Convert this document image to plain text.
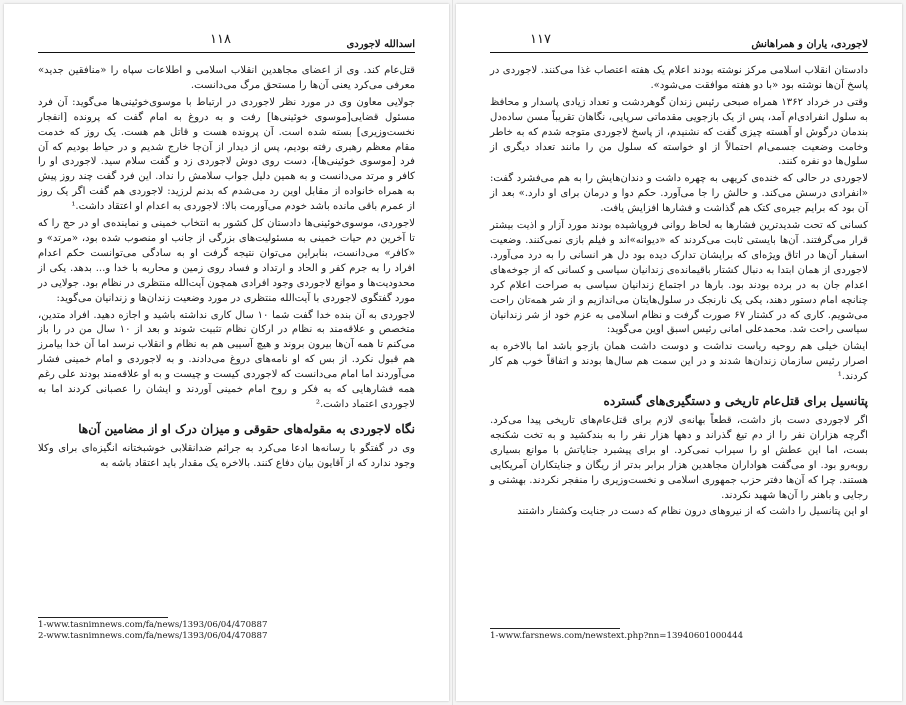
اسدالله لاجوردی
۱۱۸

قتل‌عام کند. وی از اعضای مجاهدین انقلاب اسلامی و اطلاعات سپاه را «منافقین جدید» معرفی می‌کرد یعنی آن‌ها را مستحق مرگ می‌دانست.

جولایی معاون وی در مورد نظر لاجوردی در ارتباط با موسوی‌خوئینی‌ها می‌گوید: آن فرد مسئول قضایی[موسوی خوئینی‌ها] رفت و به دروغ به امام گفت که پرونده [انفجار نخست‌وزیری] بسته شده است. آن پرونده هست و قاتل هم هست. یک روز که خدمت مقام معظم رهبری رفته بودیم، پس از دیدار از آن‌جا خارج شدیم و در حیاط بودیم که آن فرد [موسوی خوئینی‌ها]، دست روی دوش لاجوردی زد و گفت سلام سید. لاجوردی او را کافر و مرتد می‌دانست و به همین دلیل جواب سلامش را نداد. این فرد گفت چند روز پیش به همراه خانواده از مقابل اوین رد می‌شدم که بدنم لرزید: لاجوردی هم گفت اگر یک روز از عمرم باقی مانده باشد خودم می‌آورمت بالا: لاجوردی به اعدام او اعتقاد داشت.¹

لاجوردی، موسوی‌خوئینی‌ها دادستان کل کشور به انتخاب خمینی و نماینده‌ی او در حج را که تا آخرین دم حیات خمینی به مسئولیت‌های بزرگی از جانب او منصوب شده بود، «مرتد» و «کافر» می‌دانست، بنابراین می‌توان نتیجه گرفت او به سادگی می‌توانست حکم اعدام افراد را به جرم کفر و الحاد و ارتداد و فساد روی زمین و محاربه با خدا و... بدهد. یکی از محدودیت‌ها و موانع لاجوردی وجود افرادی همچون آیت‌الله منتظری در نظام بود. جولایی در مورد گفتگوی لاجوردی با آیت‌الله منتظری در مورد وضعیت زندان‌ها و زندانیان می‌گوید:

لاجوردی به آن بنده خدا گفت شما ۱۰ سال کاری نداشته باشید و اجازه دهید. افراد متدین، متخصص و علاقه‌مند به نظام در ارکان نظام تثبیت شوند و بعد از ۱۰ سال من در را باز می‌کنم تا همه آن‌ها بیرون بروند و هیچ آسیبی هم به نظام و انقلاب نرسد اما آن خدا بیامرز هم قبول نکرد. از بس که او نامه‌های دروغ می‌دادند. و به لاجوردی و امام خمینی فشار می‌آوردند اما امام می‌دانست که لاجوردی کیست و چیست و به او علاقه‌مند بودند علی رغم همه فشارهایی که به فکر و روح امام خمینی آوردند و ایشان را عصبانی کردند اما به لاجوردی اعتماد داشت.²

نگاه لاجوردی به مقوله‌های حقوقی و میزان درک او از مضامین آن‌ها

وی در گفتگو با رسانه‌ها ادعا می‌کرد به جرائم ضدانقلابی خوشبختانه انگیزه‌ای برای وکلا وجود ندارد که از آقایون بیان دفاع کنند. بالاخره یک مقدار باید اعتقاد باشه به

1-www.tasnimnews.com/fa/news/1393/06/04/470887
2-www.tasnimnews.com/fa/news/1393/06/04/470887
لاجوردی، یاران و همراهانش
۱۱۷

دادستان انقلاب اسلامی مرکز نوشته بودند اعلام یک هفته اعتصاب غذا می‌کنند. لاجوردی در پاسخ آن‌ها نوشته بود «با دو هفته موافقت می‌شود».

وقتی در خرداد ۱۳۶۲ همراه صبحی رئیس زندان گوهردشت و تعداد زیادی پاسدار و محافظ به سلول انفرادی‌ام آمد، پس از یک بازجویی مقدماتی سرپایی، نگاهان تقریباً مسن ساده‌دل بندمان درگوش او آهسته چیزی گفت که نشنیدم، از پاسخ لاجوردی متوجه شدم که به خاطر وخامت وضعیت جسمی‌ام احتمالاً از او خواسته که سلول من را مانند تعداد دیگری از سلول‌ها دو نفره کنند.

لاجوردی در حالی که خنده‌ی کریهی به چهره داشت و دندان‌هایش را به هم می‌فشرد گفت: «انفرادی درسش می‌کند. و حالش را جا می‌آورد. حکم دوا و درمان برای او دارد.» بعد از آن بود که برایم جیره‌ی کتک هم گذاشت و فشارها افزایش یافت.

کسانی که تحت شدیدترین فشارها به لحاظ روانی فروپاشیده بودند مورد آزار و اذیت بیشتر قرار می‌گرفتند. آن‌ها بایستی ثابت می‌کردند که «دیوانه»اند و فیلم بازی نمی‌کنند. وضعیت اسفبار آن‌ها در اتاق ویژه‌ای که برایشان تدارک دیده بود دل هر انسانی را به درد می‌آورد. لاجوردی از همان ابتدا به دنبال کشتار باقیمانده‌ی زندانیان سیاسی و کسانی که از جوخه‌های اعدام جان به در برده بودند بود. بارها در اجتماع زندانیان سیاسی به صراحت اعلام کرد چنانچه امام دستور دهند، یکی یک نارنجک در سلول‌هایتان می‌اندازیم و از شر همه‌تان راحت می‌شویم. کاری که در کشتار ۶۷ صورت گرفت و نظام اسلامی به عزم خود از شر زندانیان سیاسی راحت شد. محمدعلی امانی رئیس اسبق اوین می‌گوید:

ایشان خیلی هم روحیه ریاست نداشت و دوست داشت همان بازجو باشد اما بالاخره به اصرار رئیس سازمان زندان‌ها شدند و در این سمت هم سال‌ها بودند و اتفاقاً خوب هم کار کردند.¹

پتانسیل برای قتل‌عام تاریخی و دستگیری‌های گسترده

اگر لاجوردی دست باز داشت، قطعاً بهانه‌ی لازم برای قتل‌عام‌های تاریخی پیدا می‌کرد. اگرچه هزاران نفر را از دم تیغ گذراند و دهها هزار نفر را به بندکشید و به تخت شکنجه بست، اما این عطش او را سیراب نمی‌کرد. او برای پیشبرد جنایاتش با موانع بسیاری روبه‌رو بود. او می‌گفت هواداران مجاهدین هزار برابر بدتر از ریگان و جنایتکاران آمریکایی هستند. چرا که آن‌ها دفتر حزب جمهوری اسلامی و نخست‌وزیری را منفجر نکردند. بهشتی و رجایی و باهنر را آن‌ها شهید نکردند.

او این پتانسیل را داشت که از نیروهای درون نظام که دست در جنایت وکشتار داشتند

1-www.farsnews.com/newstext.php?nn=13940601000444
